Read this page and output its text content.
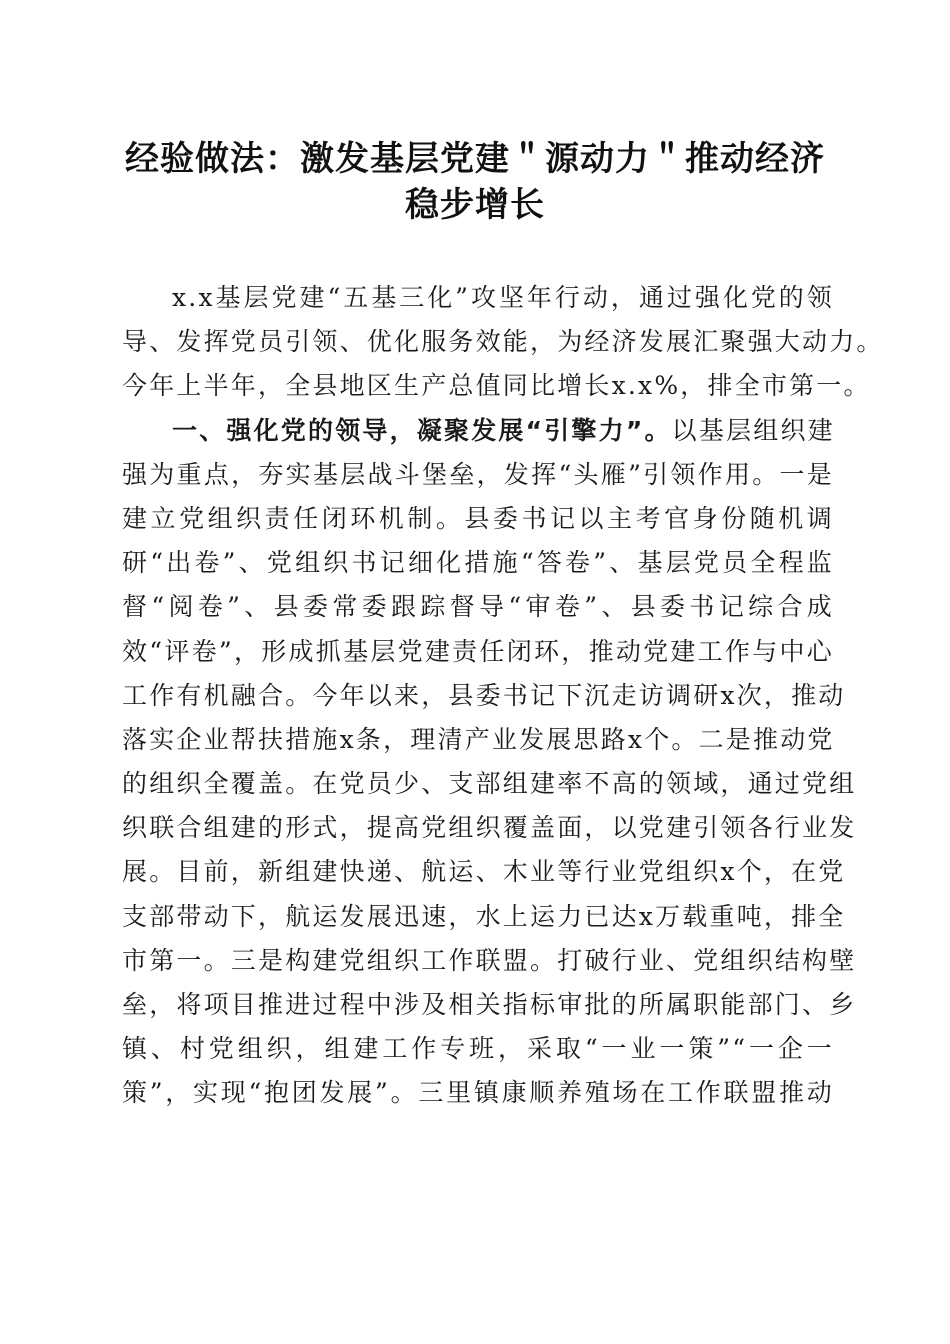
经验做法：激发基层党建＂源动力＂推动经济
稳步增长
x.x基层党建“五基三化”攻坚年行动，通过强化党的领
导、发挥党员引领、优化服务效能，为经济发展汇聚强大动力。
今年上半年，全县地区生产总值同比增长x.x%，排全市第一。
一、强化党的领导，凝聚发展“引擎力”。以基层组织建
强为重点，夯实基层战斗堡垒，发挥“头雁”引领作用。一是
建立党组织责任闭环机制。县委书记以主考官身份随机调
研“出卷”、党组织书记细化措施“答卷”、基层党员全程监
督“阅卷”、县委常委跟踪督导“审卷”、县委书记综合成
效“评卷”，形成抓基层党建责任闭环，推动党建工作与中心
工作有机融合。今年以来，县委书记下沉走访调研x次，推动
落实企业帮扶措施x条，理清产业发展思路x个。二是推动党
的组织全覆盖。在党员少、支部组建率不高的领域，通过党组
织联合组建的形式，提高党组织覆盖面，以党建引领各行业发
展。目前，新组建快递、航运、木业等行业党组织x个，在党
支部带动下，航运发展迅速，水上运力已达x万载重吨，排全
市第一。三是构建党组织工作联盟。打破行业、党组织结构壁
垒，将项目推进过程中涉及相关指标审批的所属职能部门、乡
镇、村党组织，组建工作专班，采取“一业一策”“一企一
策”，实现“抱团发展”。三里镇康顺养殖场在工作联盟推动
